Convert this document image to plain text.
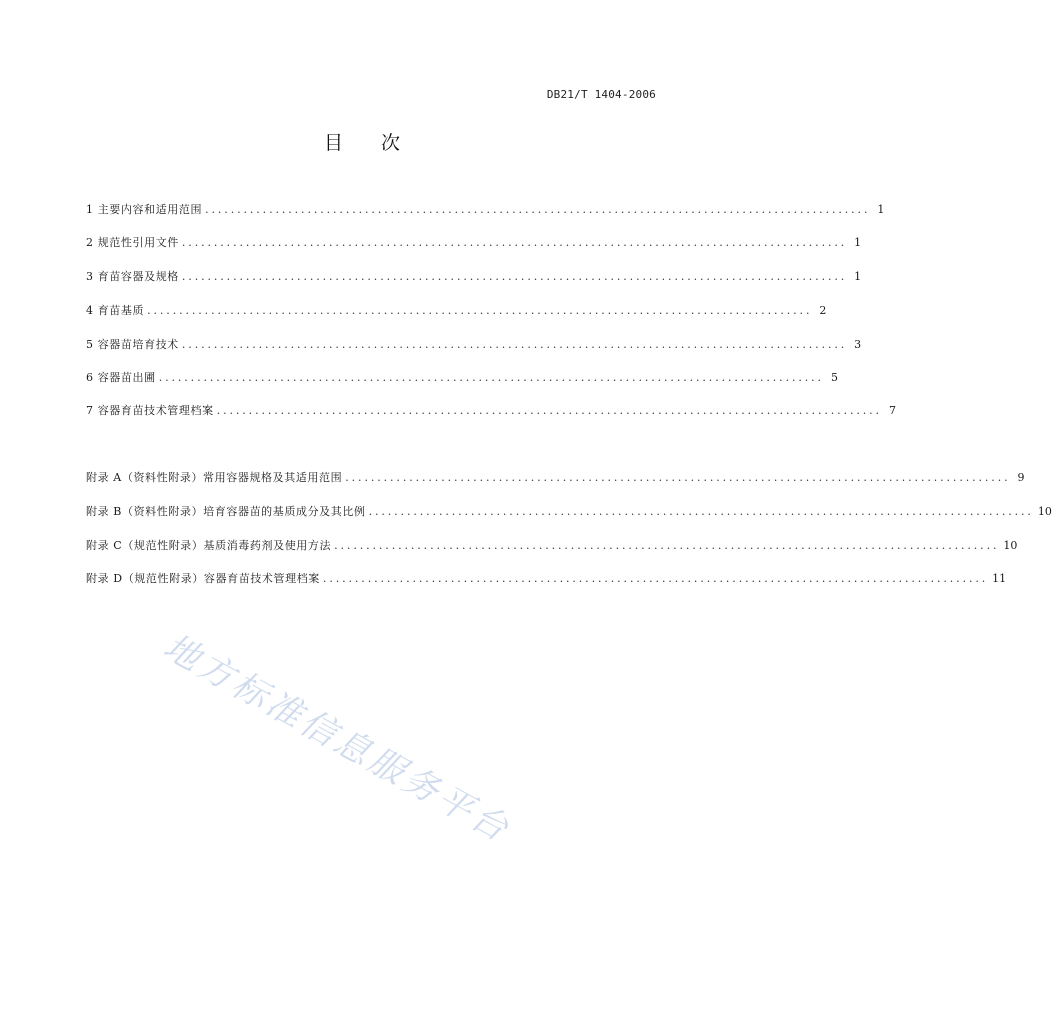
DB21/T 1404-2006
目 次
1 主要内容和适用范围 ........................................................................................................ 1
2 规范性引用文件 ........................................................................................................ 1
3 育苗容器及规格 ........................................................................................................ 1
4 育苗基质 ........................................................................................................ 2
5 容器苗培育技术 ........................................................................................................ 3
6 容器苗出圃 ........................................................................................................ 5
7 容器育苗技术管理档案 ........................................................................................................ 7
附录 A（资料性附录）常用容器规格及其适用范围 ........................................................................................................ 9
附录 B（资料性附录）培育容器苗的基质成分及其比例 ........................................................................................................ 10
附录 C（规范性附录）基质消毒药剂及使用方法 ........................................................................................................ 10
附录 D（规范性附录）容器育苗技术管理档案 ........................................................................................................ 11
地方标准信息服务平台
